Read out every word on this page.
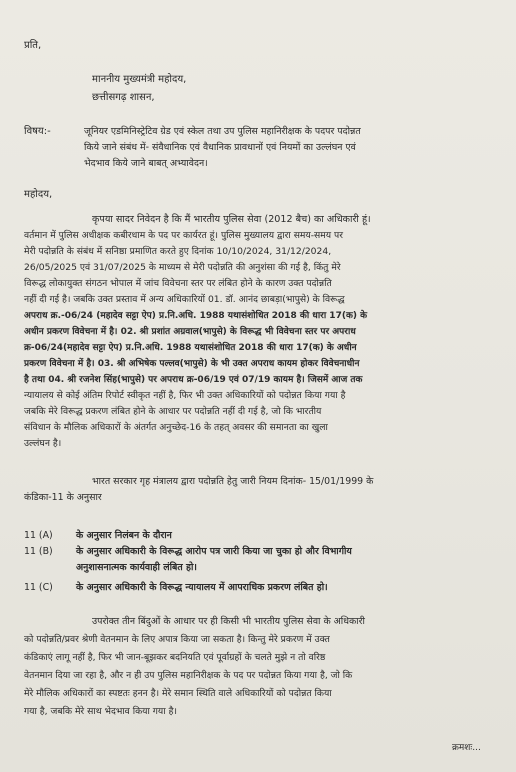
प्रति,
माननीय मुख्यमंत्री महोदय,
छत्तीसगढ़ शासन,
विषय:-	जूनियर एडमिनिस्ट्रेटिव ग्रेड एवं स्केल तथा उप पुलिस महानिरीक्षक के पदपर पदोन्नत
किये जाने संबंध में- संवैधानिक एवं वैधानिक प्रावधानों एवं नियमों का उल्लंघन एवं
भेदभाव किये जाने बाबत् अभ्यावेदन।
महोदय,
कृपया सादर निवेदन है कि मैं भारतीय पुलिस सेवा (2012 बैच) का अधिकारी हूं।
वर्तमान में पुलिस अधीक्षक कबीरधाम के पद पर कार्यरत हूं। पुलिस मुख्यालय द्वारा समय-समय पर
मेरी पदोन्नति के संबंध में सनिष्ठा प्रमाणित करते हुए दिनांक 10/10/2024, 31/12/2024,
26/05/2025 एवं 31/07/2025 के माध्यम से मेरी पदोन्नति की अनुशंसा की गई है, किंतु मेरे
विरूद्ध लोकायुक्त संगठन भोपाल में जांच विवेचना स्तर पर लंबित होने के कारण उक्त पदोन्नति
नहीं दी गई है। जबकि उक्त प्रस्ताव में अन्य अधिकारियों 01. डॉ. आनंद छाबड़ा(भापुसे) के विरूद्ध
अपराध क्र.-06/24 (महादेव सट्टा ऐप) प्र.नि.अधि. 1988 यथासंशोधित 2018 की धारा 17(क) के
अधीन प्रकरण विवेचना में है। 02. श्री प्रशांत अग्रवाल(भापुसे) के विरूद्ध भी विवेचना स्तर पर अपराध
क्र-06/24(महादेव सट्टा ऐप) प्र.नि.अधि. 1988 यथासंशोधित 2018 की धारा 17(क) के अधीन
प्रकरण विवेचना में है। 03. श्री अभिषेक पल्लव(भापुसे) के भी उक्त अपराध कायम होकर विवेचनाधीन
है तथा 04. श्री रजनेश सिंह(भापुसे) पर अपराध क्र-06/19 एवं 07/19 कायम है। जिसमें आज तक
न्यायालय से कोई अंतिम रिपोर्ट स्वीकृत नहीं है, फिर भी उक्त अधिकारियों को पदोन्नत किया गया है
जबकि मेरे विरूद्ध प्रकरण लंबित होने के आधार पर पदोन्नति नहीं दी गई है, जो कि भारतीय
संविधान के मौलिक अधिकारों के अंतर्गत अनुच्छेद-16 के तहत् अवसर की समानता का खुला
उल्लंघन है।
भारत सरकार गृह मंत्रालय द्वारा पदोन्नति हेतु जारी नियम दिनांक- 15/01/1999 के
कंडिका-11 के अनुसार
11 (A) के अनुसार निलंबन के दौरान
11 (B) के अनुसार अधिकारी के विरूद्ध आरोप पत्र जारी किया जा चुका हो और विभागीय
अनुशासनात्मक कार्यवाही लंबित हो।
11 (C) के अनुसार अधिकारी के विरूद्ध न्यायालय में आपराधिक प्रकरण लंबित हो।
उपरोक्त तीन बिंदुओं के आधार पर ही किसी भी भारतीय पुलिस सेवा के अधिकारी
को पदोन्नति/प्रवर श्रेणी वेतनमान के लिए अपात्र किया जा सकता है। किन्तु मेरे प्रकरण में उक्त
कंडिकाएं लागू नहीं है, फिर भी जान-बूझकर बदनियति एवं पूर्वाग्रहों के चलते मुझे न तो वरिष्ठ
वेतनमान दिया जा रहा है, और न ही उप पुलिस महानिरीक्षक के पद पर पदोन्नत किया गया है, जो कि
मेरे मौलिक अधिकारों का स्पष्टतः हनन है। मेरे समान स्थिति वाले अधिकारियों को पदोन्नत किया
गया है, जबकि मेरे साथ भेदभाव किया गया है।
क्रमशः...
